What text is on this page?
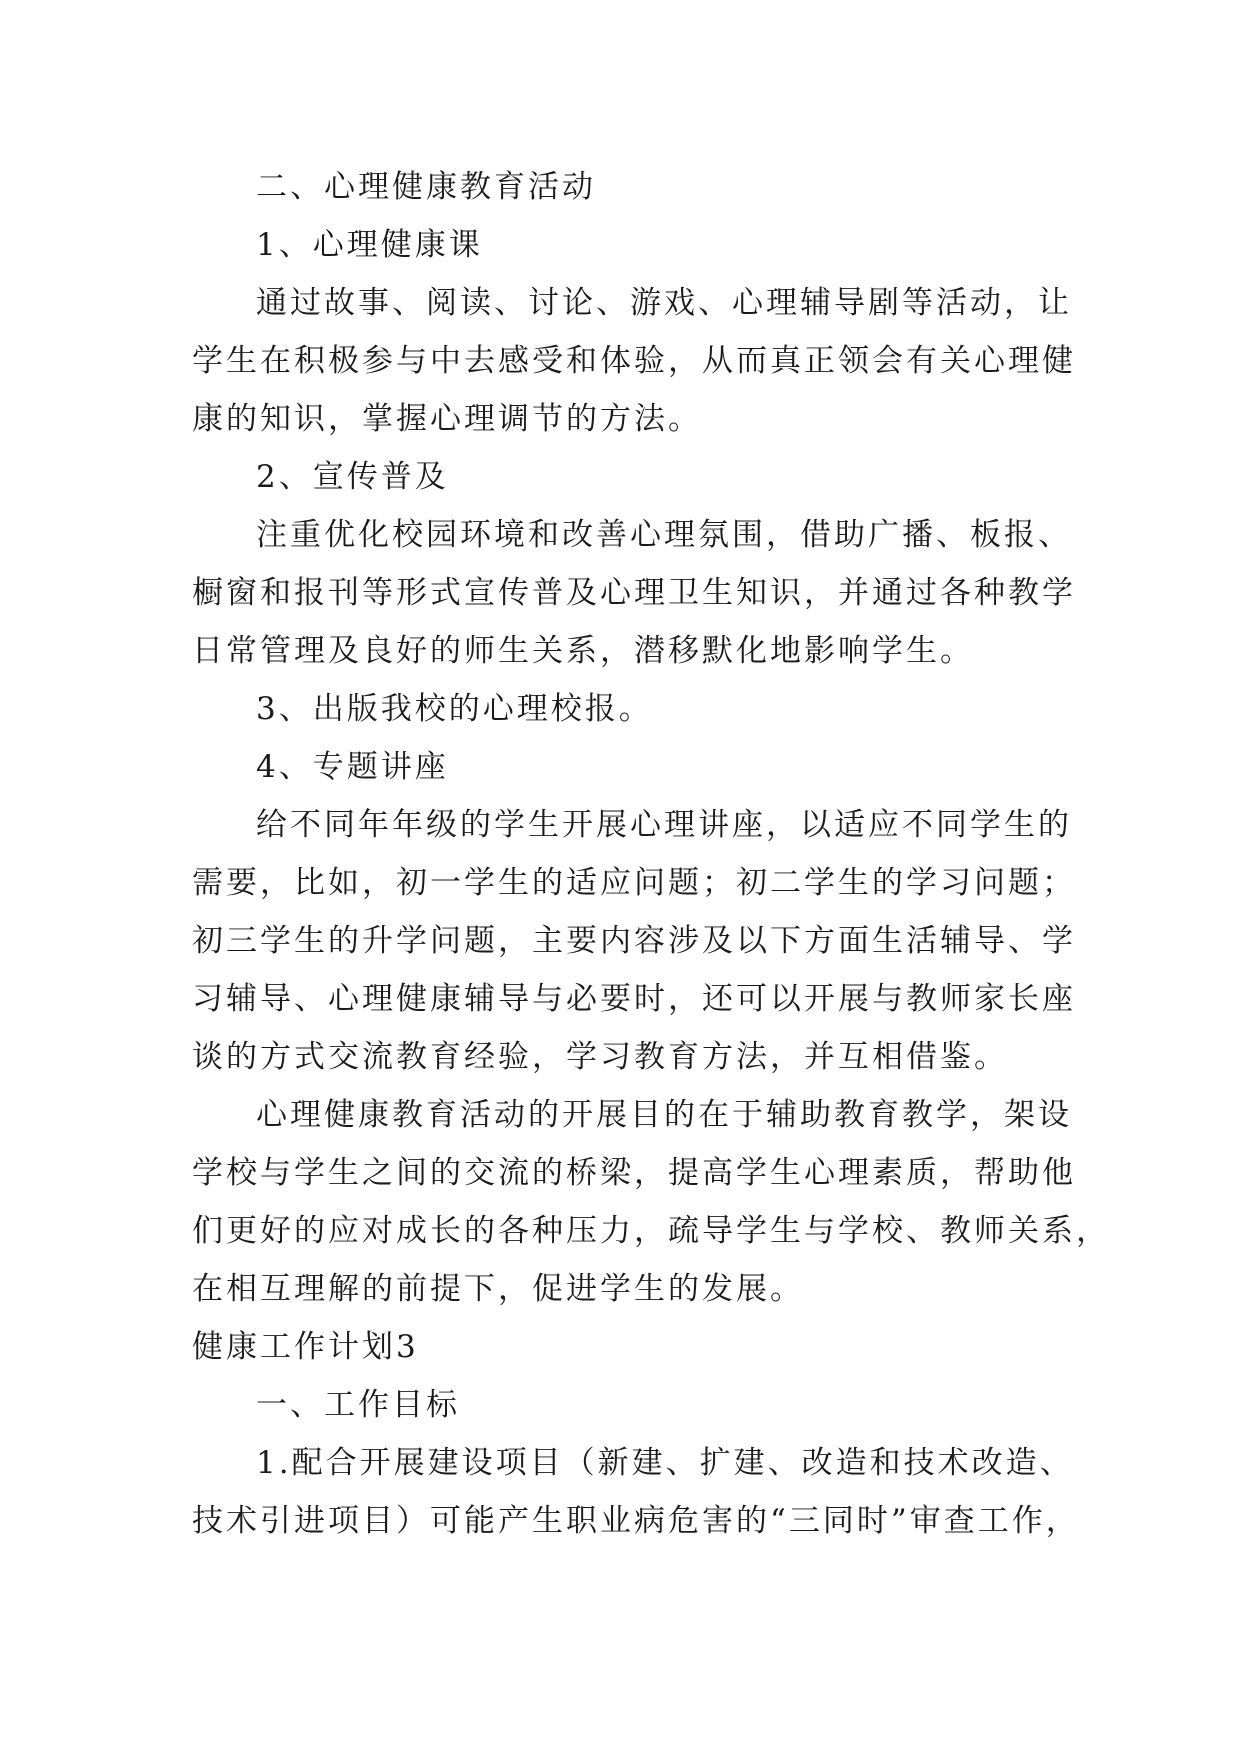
二、心理健康教育活动
1、心理健康课
通过故事、阅读、讨论、游戏、心理辅导剧等活动，让
学生在积极参与中去感受和体验，从而真正领会有关心理健
康的知识，掌握心理调节的方法。
2、宣传普及
注重优化校园环境和改善心理氛围，借助广播、板报、
橱窗和报刊等形式宣传普及心理卫生知识，并通过各种教学
日常管理及良好的师生关系，潜移默化地影响学生。
3、出版我校的心理校报。
4、专题讲座
给不同年年级的学生开展心理讲座，以适应不同学生的
需要，比如，初一学生的适应问题；初二学生的学习问题；
初三学生的升学问题，主要内容涉及以下方面生活辅导、学
习辅导、心理健康辅导与必要时，还可以开展与教师家长座
谈的方式交流教育经验，学习教育方法，并互相借鉴。
心理健康教育活动的开展目的在于辅助教育教学，架设
学校与学生之间的交流的桥梁，提高学生心理素质，帮助他
们更好的应对成长的各种压力，疏导学生与学校、教师关系，
在相互理解的前提下，促进学生的发展。
健康工作计划3
一、工作目标
1.配合开展建设项目（新建、扩建、改造和技术改造、
技术引进项目）可能产生职业病危害的“三同时”审查工作，
